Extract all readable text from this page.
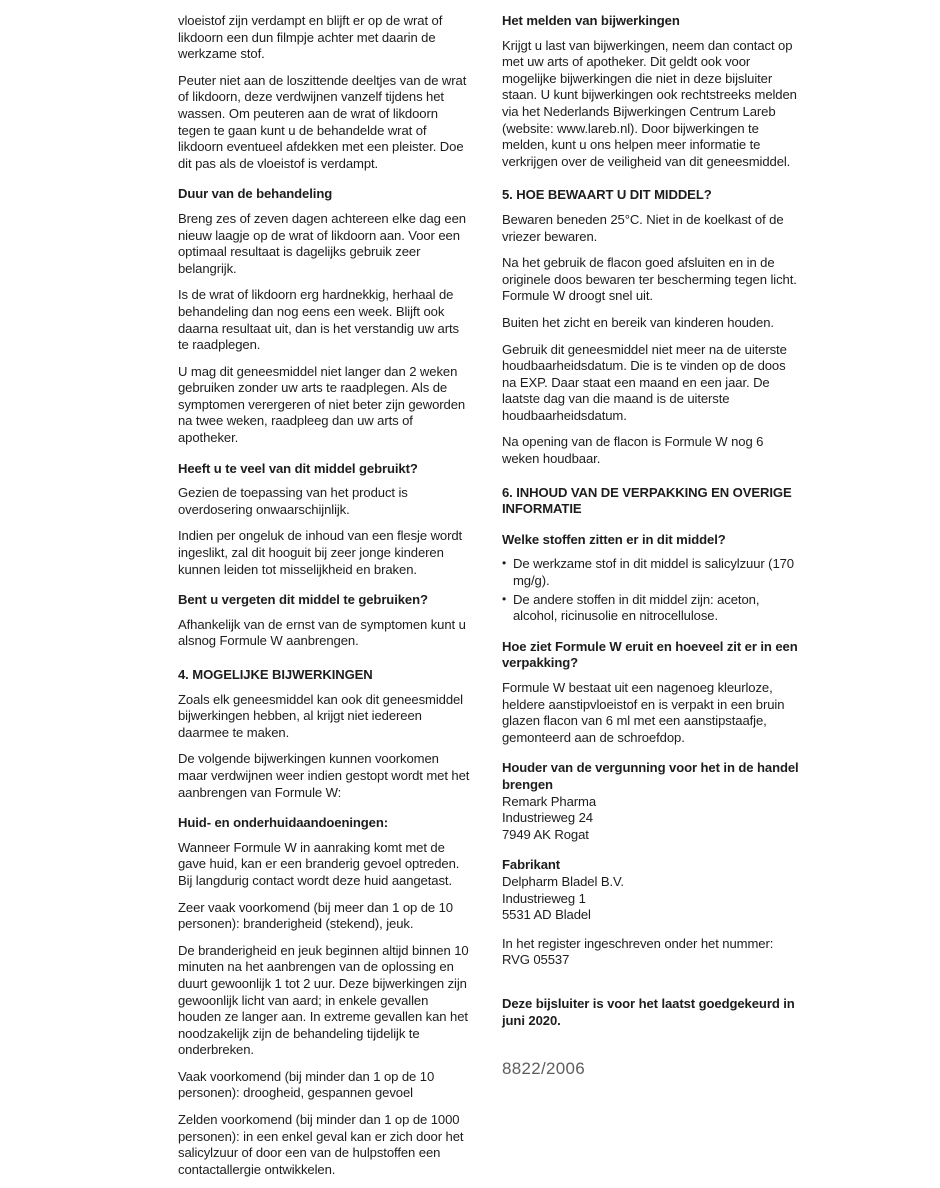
vloeistof zijn verdampt en blijft er op de wrat of likdoorn een dun filmpje achter met daarin de werkzame stof.

Peuter niet aan de loszittende deeltjes van de wrat of likdoorn, deze verdwijnen vanzelf tijdens het wassen. Om peuteren aan de wrat of likdoorn tegen te gaan kunt u de behandelde wrat of likdoorn eventueel afdekken met een pleister. Doe dit pas als de vloeistof is verdampt.

Duur van de behandeling

Breng zes of zeven dagen achtereen elke dag een nieuw laagje op de wrat of likdoorn aan. Voor een optimaal resultaat is dagelijks gebruik zeer belangrijk.

Is de wrat of likdoorn erg hardnekkig, herhaal de behandeling dan nog eens een week. Blijft ook daarna resultaat uit, dan is het verstandig uw arts te raadplegen.

U mag dit geneesmiddel niet langer dan 2 weken gebruiken zonder uw arts te raadplegen. Als de symptomen verergeren of niet beter zijn geworden na twee weken, raadpleeg dan uw arts of apotheker.

Heeft u te veel van dit middel gebruikt?

Gezien de toepassing van het product is overdosering onwaarschijnlijk.

Indien per ongeluk de inhoud van een flesje wordt ingeslikt, zal dit hooguit bij zeer jonge kinderen kunnen leiden tot misselijkheid en braken.

Bent u vergeten dit middel te gebruiken?

Afhankelijk van de ernst van de symptomen kunt u alsnog Formule W aanbrengen.

4. MOGELIJKE BIJWERKINGEN

Zoals elk geneesmiddel kan ook dit geneesmiddel bijwerkingen hebben, al krijgt niet iedereen daarmee te maken.

De volgende bijwerkingen kunnen voorkomen maar verdwijnen weer indien gestopt wordt met het aanbrengen van Formule W:

Huid- en onderhuidaandoeningen:

Wanneer Formule W in aanraking komt met de gave huid, kan er een branderig gevoel optreden. Bij langdurig contact wordt deze huid aangetast.

Zeer vaak voorkomend (bij meer dan 1 op de 10 personen): branderigheid (stekend), jeuk.

De branderigheid en jeuk beginnen altijd binnen 10 minuten na het aanbrengen van de oplossing en duurt gewoonlijk 1 tot 2 uur. Deze bijwerkingen zijn gewoonlijk licht van aard; in enkele gevallen houden ze langer aan. In extreme gevallen kan het noodzakelijk zijn de behandeling tijdelijk te onderbreken.

Vaak voorkomend (bij minder dan 1 op de 10 personen): droogheid, gespannen gevoel

Zelden voorkomend (bij minder dan 1 op de 1000 personen): in een enkel geval kan er zich door het salicylzuur of door een van de hulpstoffen een contactallergie ontwikkelen.

Het melden van bijwerkingen

Krijgt u last van bijwerkingen, neem dan contact op met uw arts of apotheker. Dit geldt ook voor mogelijke bijwerkingen die niet in deze bijsluiter staan. U kunt bijwerkingen ook rechtstreeks melden via het Nederlands Bijwerkingen Centrum Lareb (website: www.lareb.nl). Door bijwerkingen te melden, kunt u ons helpen meer informatie te verkrijgen over de veiligheid van dit geneesmiddel.

5. HOE BEWAART U DIT MIDDEL?

Bewaren beneden 25°C. Niet in de koelkast of de vriezer bewaren.

Na het gebruik de flacon goed afsluiten en in de originele doos bewaren ter bescherming tegen licht. Formule W droogt snel uit.

Buiten het zicht en bereik van kinderen houden.

Gebruik dit geneesmiddel niet meer na de uiterste houdbaarheidsdatum. Die is te vinden op de doos na EXP. Daar staat een maand en een jaar. De laatste dag van die maand is de uiterste houdbaarheidsdatum.

Na opening van de flacon is Formule W nog 6 weken houdbaar.

6. INHOUD VAN DE VERPAKKING EN OVERIGE INFORMATIE

Welke stoffen zitten er in dit middel?

• De werkzame stof in dit middel is salicylzuur (170 mg/g).
• De andere stoffen in dit middel zijn: aceton, alcohol, ricinusolie en nitrocellulose.

Hoe ziet Formule W eruit en hoeveel zit er in een verpakking?

Formule W bestaat uit een nagenoeg kleurloze, heldere aanstipvloeistof en is verpakt in een bruin glazen flacon van 6 ml met een aanstipstaafje, gemonteerd aan de schroefdop.

Houder van de vergunning voor het in de handel brengen

Remark Pharma

Industrieweg 24

7949 AK Rogat

Fabrikant

Delpharm Bladel B.V.

Industrieweg 1

5531 AD Bladel

In het register ingeschreven onder het nummer: RVG 05537

Deze bijsluiter is voor het laatst goedgekeurd in juni 2020.

8822/2006
